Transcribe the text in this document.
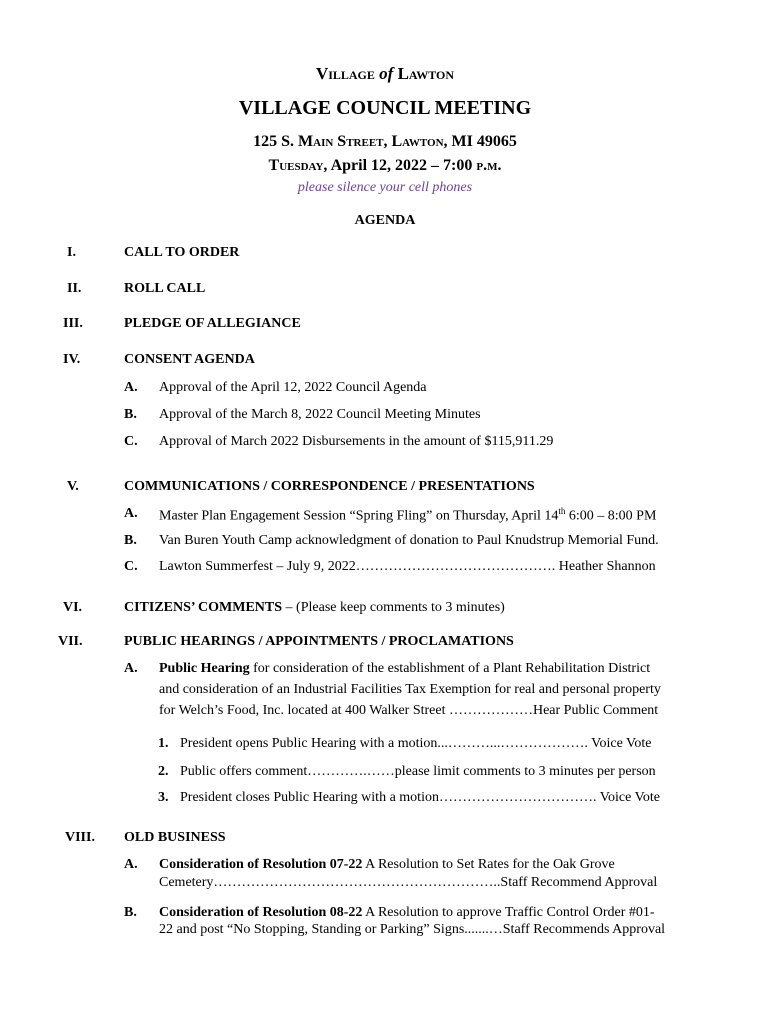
Village of Lawton
VILLAGE COUNCIL MEETING
125 S. Main Street, Lawton, MI 49065
Tuesday, April 12, 2022 – 7:00 p.m.
please silence your cell phones
AGENDA
I.	CALL TO ORDER
II.	ROLL CALL
III.	PLEDGE OF ALLEGIANCE
IV.	CONSENT AGENDA
A. Approval of the April 12, 2022 Council Agenda
B. Approval of the March 8, 2022 Council Meeting Minutes
C. Approval of March 2022 Disbursements in the amount of $115,911.29
V.	COMMUNICATIONS / CORRESPONDENCE / PRESENTATIONS
A. Master Plan Engagement Session “Spring Fling” on Thursday, April 14th 6:00 – 8:00 PM
B. Van Buren Youth Camp acknowledgment of donation to Paul Knudstrup Memorial Fund.
C. Lawton Summerfest – July 9, 2022……………………………………. Heather Shannon
VI.	CITIZENS’ COMMENTS – (Please keep comments to 3 minutes)
VII.	PUBLIC HEARINGS / APPOINTMENTS / PROCLAMATIONS
A. Public Hearing for consideration of the establishment of a Plant Rehabilitation District
and consideration of an Industrial Facilities Tax Exemption for real and personal property
for Welch’s Food, Inc. located at 400 Walker Street ………………Hear Public Comment
1. President opens Public Hearing with a motion...………...………………. Voice Vote
2. Public offers comment………….……please limit comments to 3 minutes per person
3. President closes Public Hearing with a motion……………………………. Voice Vote
VIII. OLD BUSINESS
A. Consideration of Resolution 07-22 A Resolution to Set Rates for the Oak Grove
Cemetery……………………………………………………..Staff Recommend Approval
B. Consideration of Resolution 08-22 A Resolution to approve Traffic Control Order #01-
22 and post “No Stopping, Standing or Parking” Signs.......…Staff Recommends Approval
